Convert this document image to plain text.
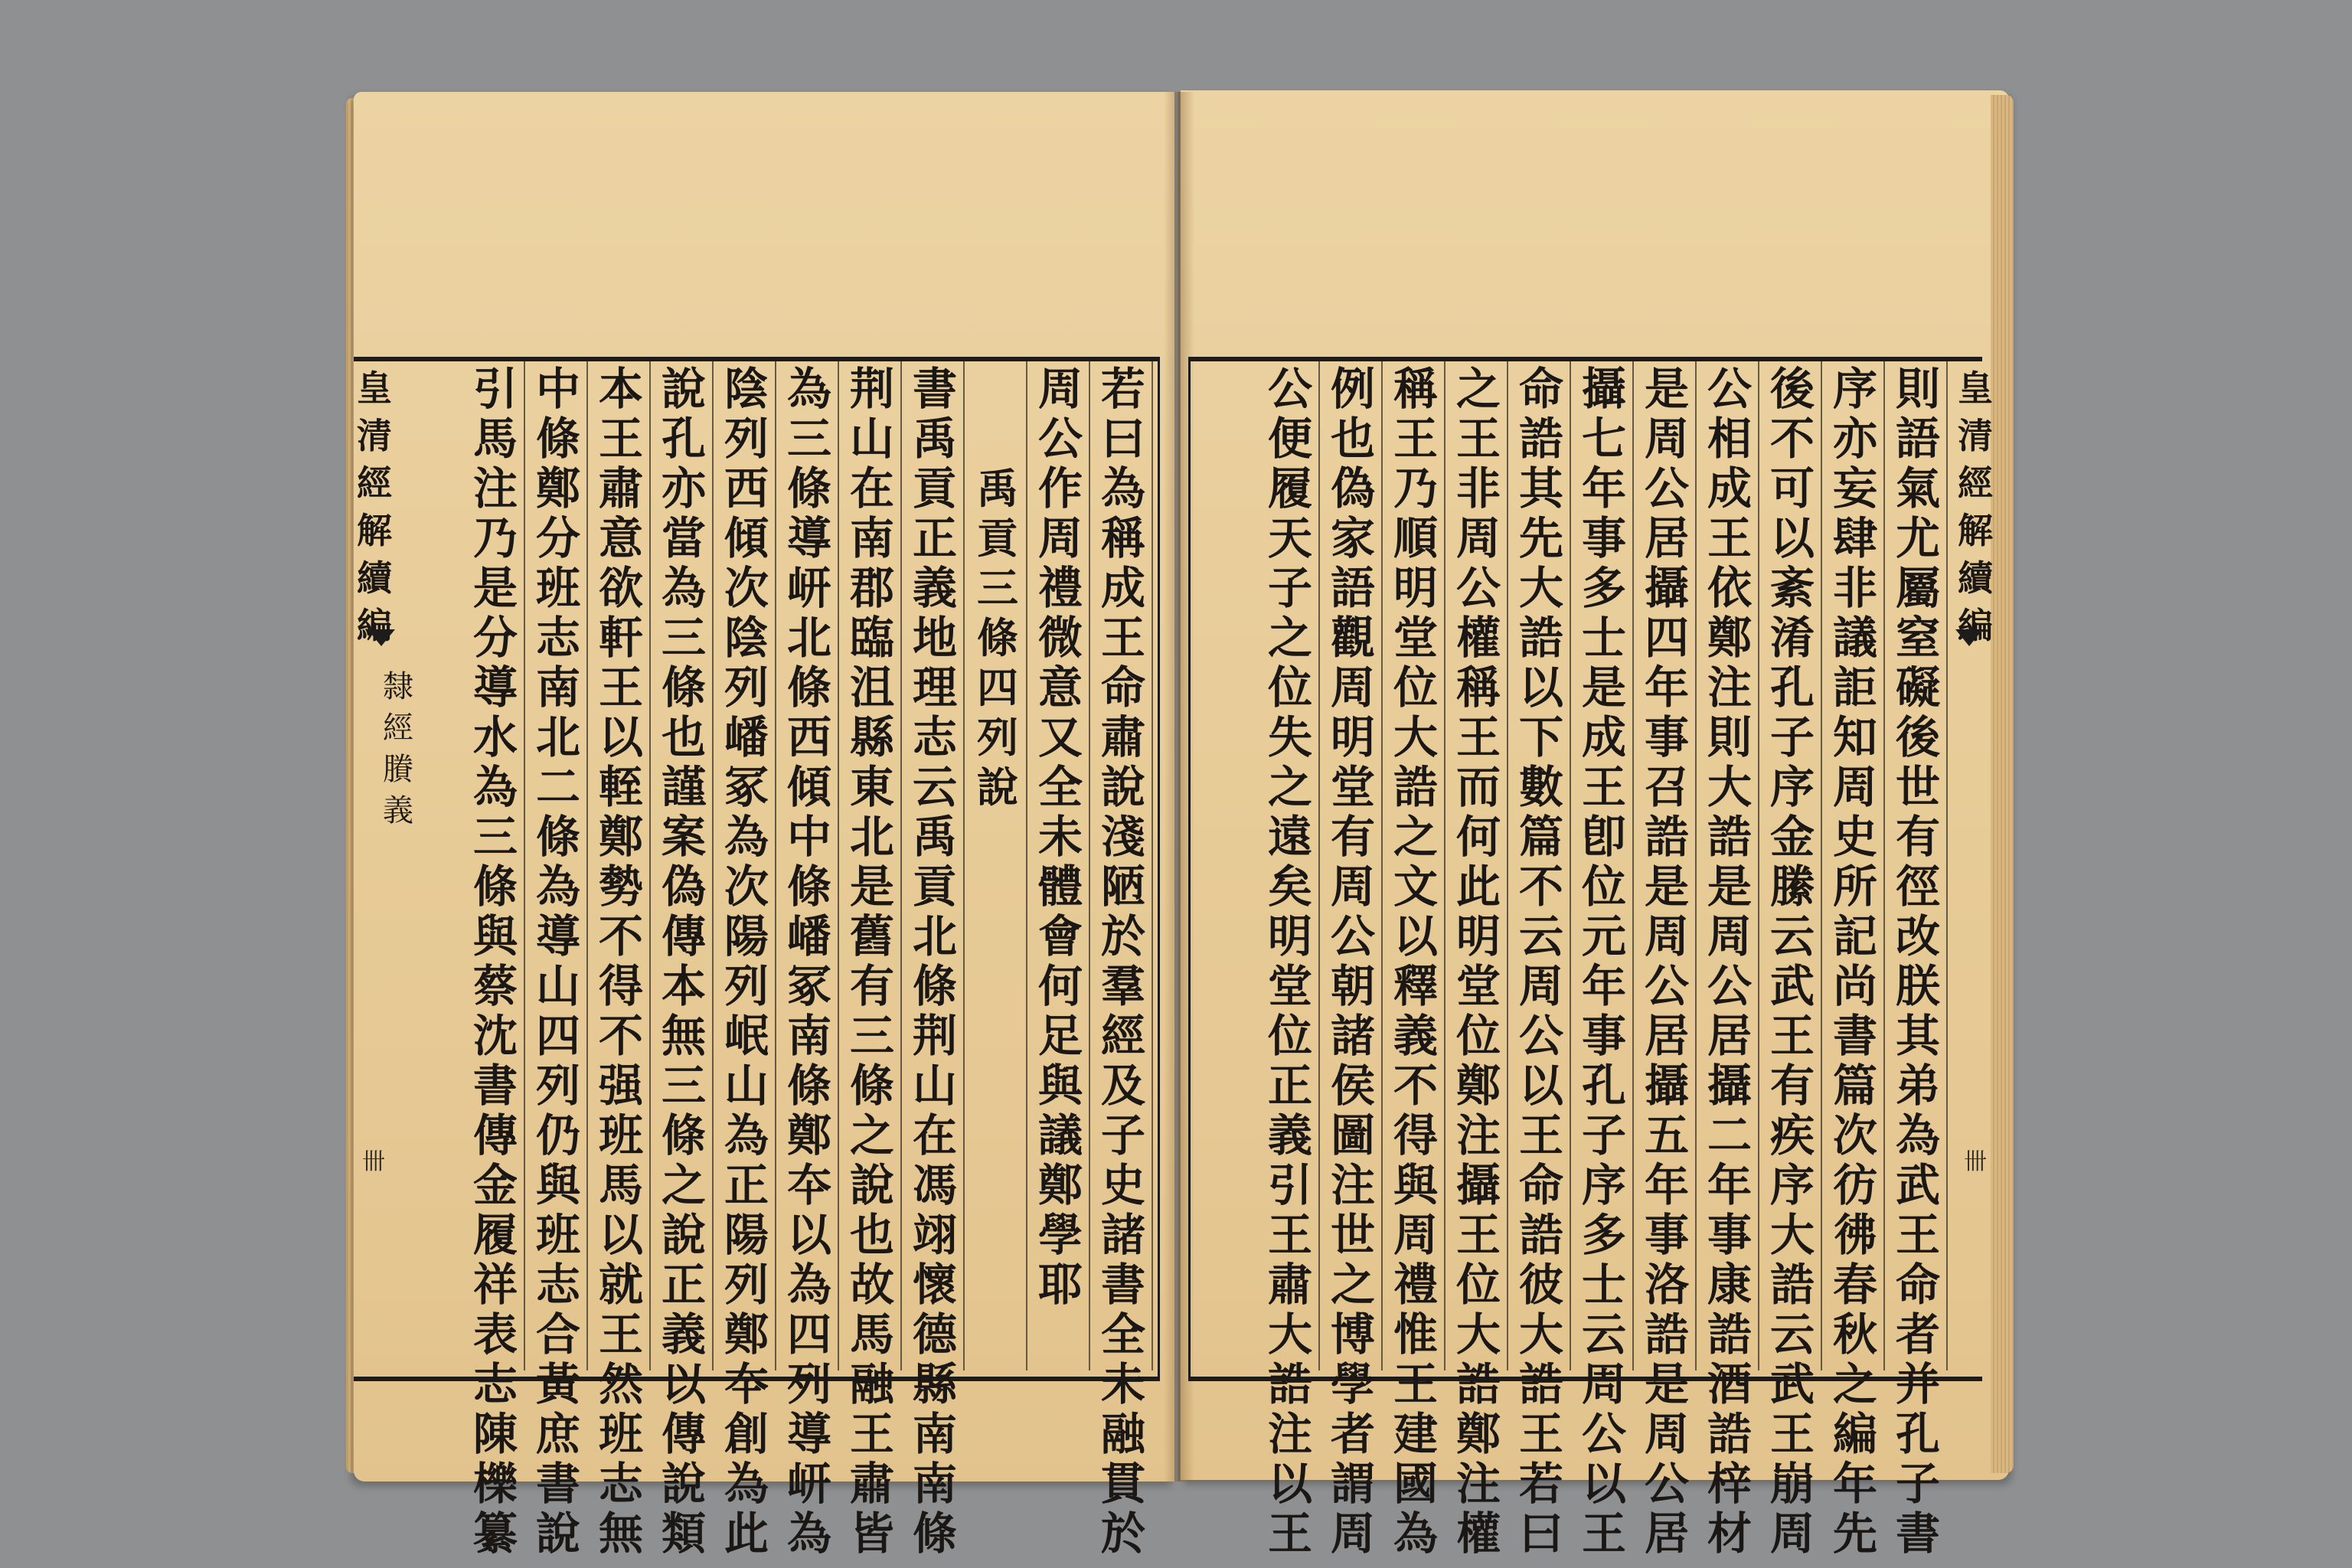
皇
清
經
解
續
編
隸
經
賸
義
卌
皇
清
經
解
續
編
卌
若
曰
為
稱
成
王
命
肅
說
淺
陋
於
羣
經
及
子
史
諸
書
全
未
融
貫
於
周
公
作
周
禮
微
意
又
全
未
體
會
何
足
與
議
鄭
學
耶
禹
貢
三
條
四
列
說
書
禹
貢
正
義
地
理
志
云
禹
貢
北
條
荆
山
在
馮
翊
懷
德
縣
南
南
條
荆
山
在
南
郡
臨
沮
縣
東
北
是
舊
有
三
條
之
說
也
故
馬
融
王
肅
皆
為
三
條
導
岍
北
條
西
傾
中
條
嶓
冢
南
條
鄭
夲
以
為
四
列
導
岍
為
陰
列
西
傾
次
陰
列
嶓
冢
為
次
陽
列
岷
山
為
正
陽
列
鄭
夲
創
為
此
說
孔
亦
當
為
三
條
也
謹
案
偽
傳
本
無
三
條
之
說
正
義
以
傳
說
類
本
王
肅
意
欲
軒
王
以
輊
鄭
勢
不
得
不
强
班
馬
以
就
王
然
班
志
無
中
條
鄭
分
班
志
南
北
二
條
為
導
山
四
列
仍
與
班
志
合
黃
庶
書
說
引
馬
注
乃
是
分
導
水
為
三
條
與
蔡
沈
書
傳
金
履
祥
表
志
陳
櫟
纂
則
語
氣
尤
屬
窒
礙
後
世
有
徑
改
朕
其
弟
為
武
王
命
者
并
孔
子
書
序
亦
妄
肆
非
議
詎
知
周
史
所
記
尚
書
篇
次
彷
彿
春
秋
之
編
年
先
後
不
可
以
紊
淆
孔
子
序
金
縢
云
武
王
有
疾
序
大
誥
云
武
王
崩
周
公
相
成
王
依
鄭
注
則
大
誥
是
周
公
居
攝
二
年
事
康
誥
酒
誥
梓
材
是
周
公
居
攝
四
年
事
召
誥
是
周
公
居
攝
五
年
事
洛
誥
是
周
公
居
攝
七
年
事
多
士
是
成
王
卽
位
元
年
事
孔
子
序
多
士
云
周
公
以
王
命
誥
其
先
大
誥
以
下
數
篇
不
云
周
公
以
王
命
誥
彼
大
誥
王
若
曰
之
王
非
周
公
權
稱
王
而
何
此
明
堂
位
鄭
注
攝
王
位
大
誥
鄭
注
權
稱
王
乃
順
明
堂
位
大
誥
之
文
以
釋
義
不
得
與
周
禮
惟
王
建
國
為
例
也
偽
家
語
觀
周
明
堂
有
周
公
朝
諸
侯
圖
注
世
之
博
學
者
謂
周
公
便
履
天
子
之
位
失
之
遠
矣
明
堂
位
正
義
引
王
肅
大
誥
注
以
王
